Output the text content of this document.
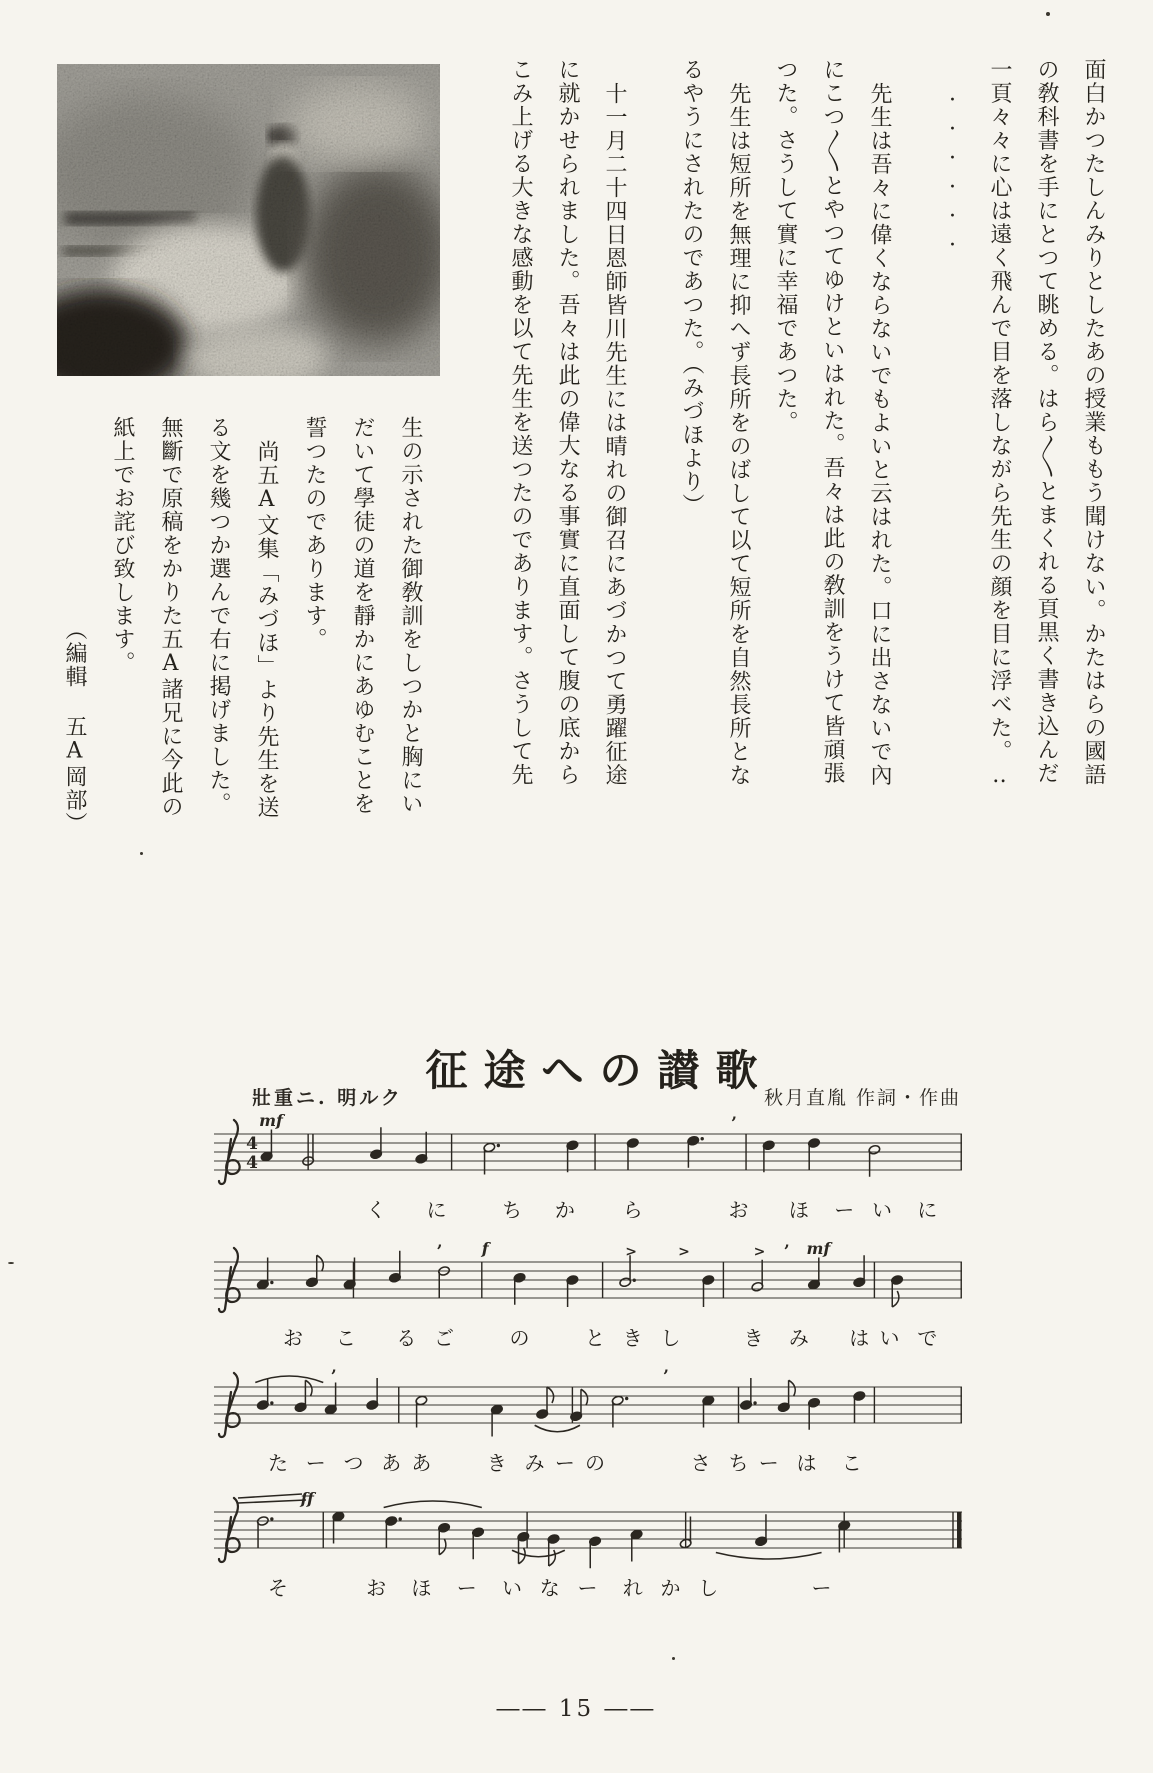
面白かつたしんみりとしたあの授業ももう聞けない。かたはらの國語

の敎科書を手にとつて眺める。はら〱とまくれる頁黒く書き込んだ

一頁々々に心は遠く飛んで目を落しながら先生の顔を目に浮べた。‥

······

先生は吾々に偉くならないでもよいと云はれた。口に出さないで內

にこつ〱とやつてゆけといはれた。吾々は此の敎訓をうけて皆頑張

つた。さうして實に幸福であつた。

先生は短所を無理に抑へず長所をのばして以て短所を自然長所とな

るやうにされたのであつた。（みづほより）

十一月二十四日恩師皆川先生には晴れの御召にあづかつて勇躍征途

に就かせられました。吾々は此の偉大なる事實に直面して腹の底から

こみ上げる大きな感動を以て先生を送つたのであります。さうして先

生の示された御敎訓をしつかと胸にい

だいて學徒の道を靜かにあゆむことを

誓つたのであります。

尚五A文集「みづほ」より先生を送

る文を幾つか選んで右に掲げました。

無斷で原稿をかりた五A諸兄に今此の

紙上でお詫び致します。

（編輯 五A岡部）

征途への讃歌
壯重ニ. 明ルク	秋月直胤 作詞・作曲
4
4
mf	’
く に	ち か ら	お ほ ー い に
f	mf
>	>	>
’	’
お こ る ご	の	と き し	き み は い で
’	’
た ー つ あ あ	き み ー の	さ ち ー は こ
ff
そ	お ほ ー い な ー れ か し	ー
―― 15 ――
